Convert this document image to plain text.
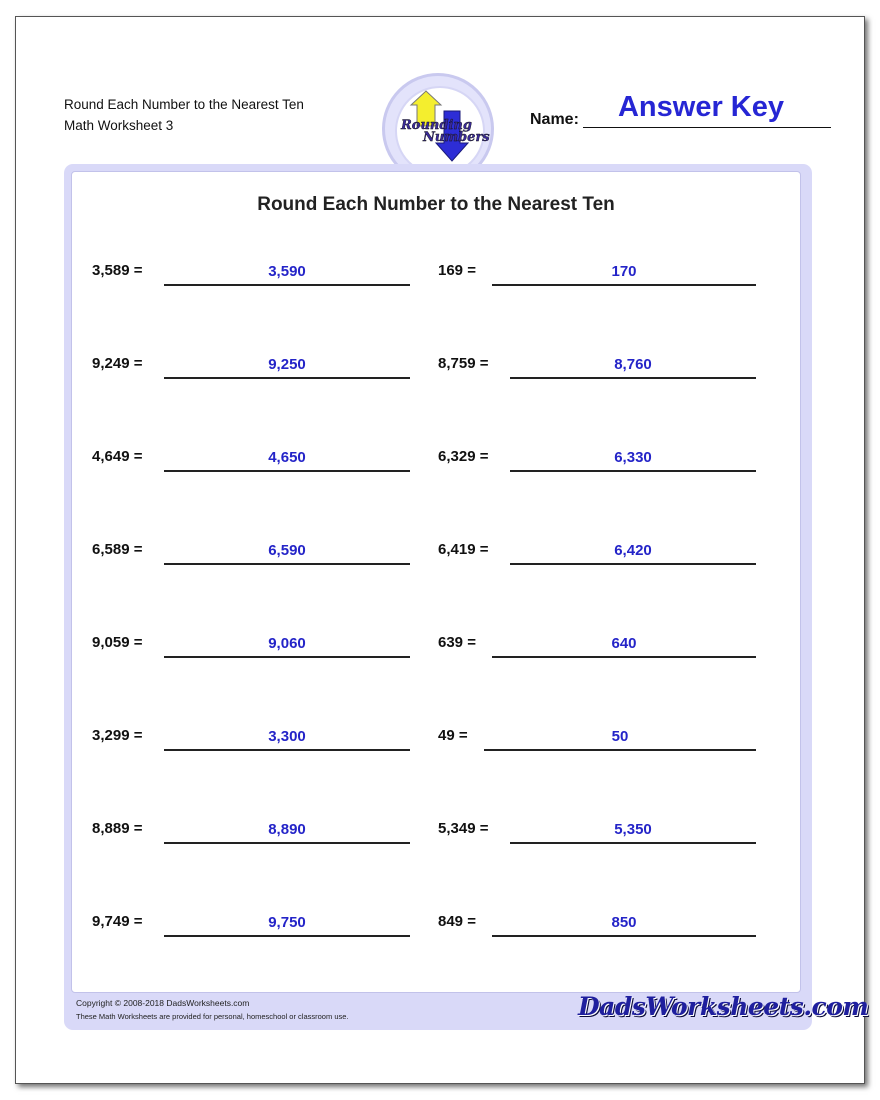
Round Each Number to the Nearest Ten
Math Worksheet 3	Rounding
Numbers
Answer Key
Name:
Round Each Number to the Nearest Ten
3,589 =	3,590
9,249 =	9,250
4,649 =	4,650
6,589 =	6,590
9,059 =	9,060
3,299 =	3,300
8,889 =	8,890
9,749 =	9,750
169 =	170
8,759 =	8,760
6,329 =	6,330
6,419 =	6,420
639 =	640
49 =	50
5,349 =	5,350
849 =	850
Copyright © 2008-2018 DadsWorksheets.com
These Math Worksheets are provided for personal, homeschool or classroom use.	DadsWorksheets.com
